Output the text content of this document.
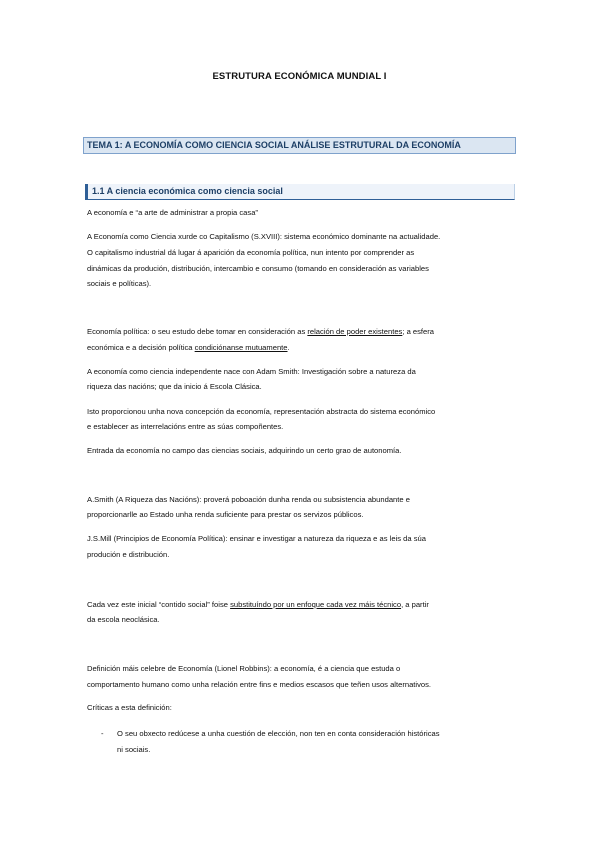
ESTRUTURA ECONÓMICA MUNDIAL I
TEMA 1: A ECONOMÍA COMO CIENCIA SOCIAL ANÁLISE ESTRUTURAL DA ECONOMÍA
1.1 A ciencia económica como ciencia social
A economía e “a arte de administrar a propia casa”
A Economía como Ciencia xurde co Capitalismo (S.XVIII): sistema económico dominante na actualidade.
O capitalismo industrial dá lugar á aparición da economía política, nun intento por comprender as
dinámicas da produción, distribución, intercambio e consumo (tomando en consideración as variables
sociais e políticas).
Economía política: o seu estudo debe tomar en consideración as relación de poder existentes; a esfera
económica e a decisión política condiciónanse mutuamente.
A economía como ciencia independente nace con Adam Smith: Investigación sobre a natureza da
riqueza das nacións; que da inicio á Escola Clásica.
Isto proporcionou unha nova concepción da economía, representación abstracta do sistema económico
e establecer as interrelacións entre as súas compoñentes.
Entrada da economía no campo das ciencias sociais, adquirindo un certo grao de autonomía.
A.Smith (A Riqueza das Nacións): proverá poboación dunha renda ou subsistencia abundante e
proporcionarlle ao Estado unha renda suficiente para prestar os servizos públicos.
J.S.Mill (Principios de Economía Política): ensinar e investigar a natureza da riqueza e as leis da súa
produción e distribución.
Cada vez este inicial “contido social” foise substituíndo por un enfoque cada vez máis técnico, a partir
da escola neoclásica.
Definición máis celebre de Economía (Lionel Robbins): a economía, é a ciencia que estuda o
comportamento humano como unha relación entre fins e medios escasos que teñen usos alternativos.
Críticas a esta definición:
- O seu obxecto redúcese a unha cuestión de elección, non ten en conta consideración históricas
ni sociais.
